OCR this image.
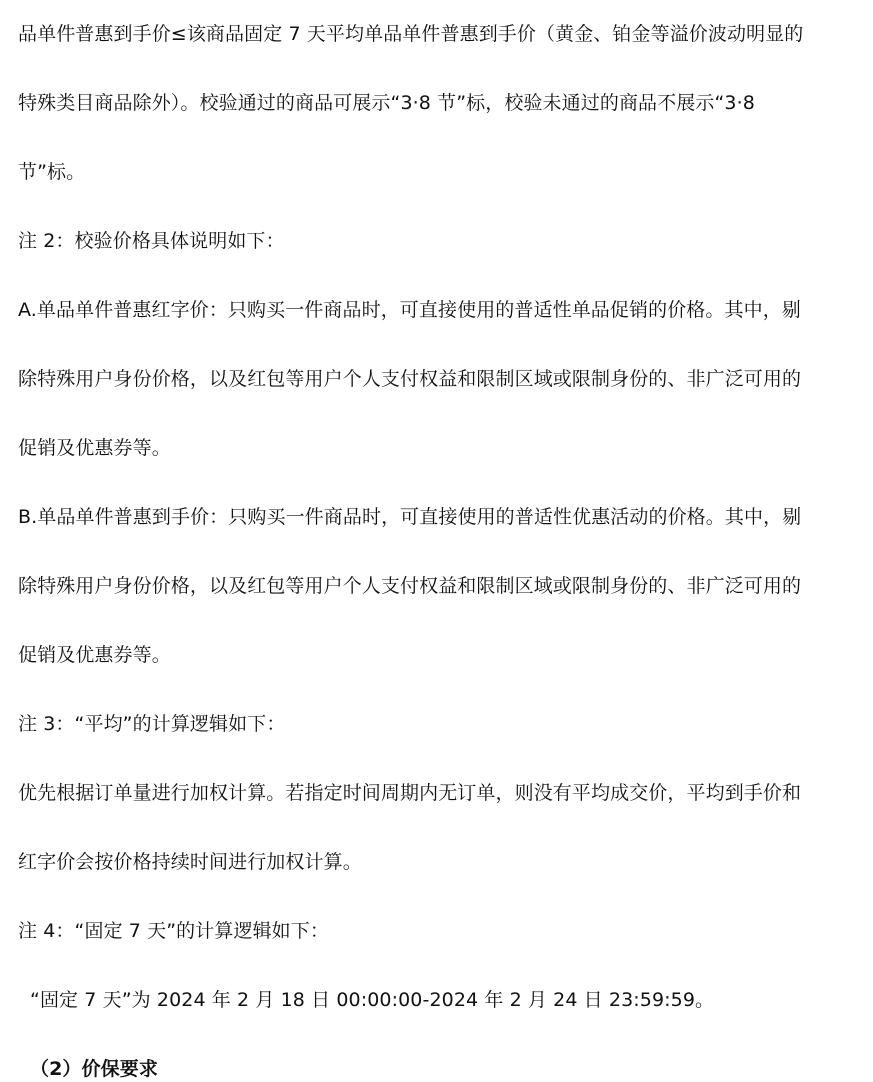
品单件普惠到手价≤该商品固定 7 天平均单品单件普惠到手价（黄金、铂金等溢价波动明显的
特殊类目商品除外）。校验通过的商品可展示“3·8 节”标，校验未通过的商品不展示“3·8
节”标。
注 2：校验价格具体说明如下：
A.单品单件普惠红字价：只购买一件商品时，可直接使用的普适性单品促销的价格。其中，剔
除特殊用户身份价格，以及红包等用户个人支付权益和限制区域或限制身份的、非广泛可用的
促销及优惠券等。
B.单品单件普惠到手价：只购买一件商品时，可直接使用的普适性优惠活动的价格。其中，剔
除特殊用户身份价格，以及红包等用户个人支付权益和限制区域或限制身份的、非广泛可用的
促销及优惠券等。
注 3：“平均”的计算逻辑如下：
优先根据订单量进行加权计算。若指定时间周期内无订单，则没有平均成交价，平均到手价和
红字价会按价格持续时间进行加权计算。
注 4：“固定 7 天”的计算逻辑如下：
“固定 7 天”为 2024 年 2 月 18 日 00:00:00-2024 年 2 月 24 日 23:59:59。
（2）价保要求
